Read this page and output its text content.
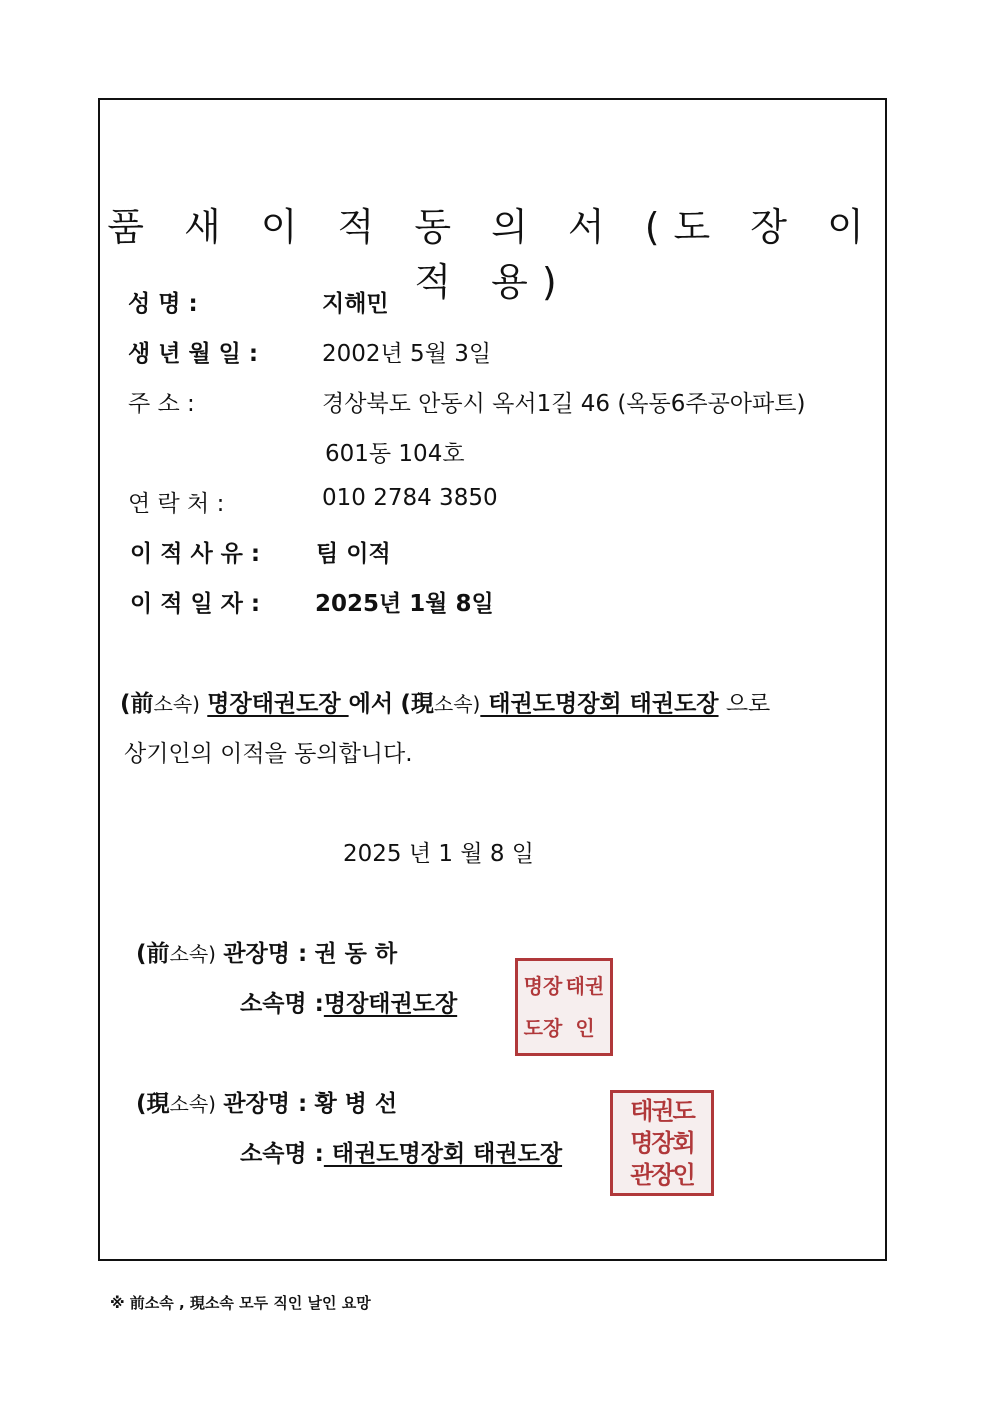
품 새 이 적 동 의 서 (도 장 이 적 용)
성 명 :	지해민
생 년 월 일 :	2002년 5월 3일
주 소 :	경상북도 안동시 옥서1길 46 (옥동6주공아파트)
601동 104호
연 락 처 :	010 2784 3850
이 적 사 유 : 팀 이적
이 적 일 자 : 2025년 1월 8일
(前소속) 명장태권도장 에서 (現소속) 태권도명장회 태권도장 으로
상기인의 이적을 동의합니다.
2025 년 1 월 8 일
(前소속) 관장명 : 권 동 하
소속명 :명장태권도장
명장 태권
도장 인
(現소속) 관장명 : 황 병 선
소속명 : 태권도명장회 태권도장
태권도
명장회
관장인
※ 前소속 , 現소속 모두 직인 날인 요망
